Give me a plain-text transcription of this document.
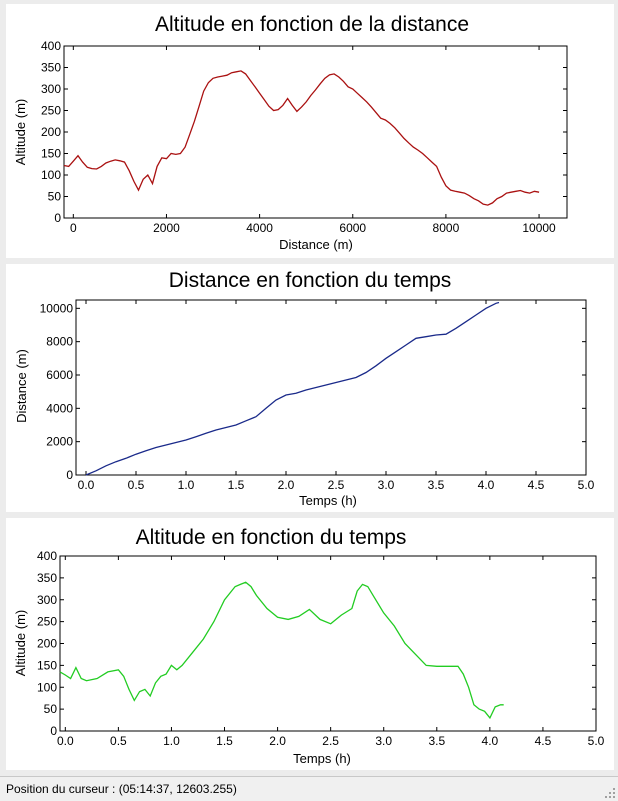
Altitude en fonction de la distance
0	2000	4000	6000	8000	10000
0
50
100
150
200
250
300
350
400
Distance (m)
Altitude (m)
Distance en fonction du temps
0.0	0.5	1.0	1.5	2.0	2.5	3.0	3.5	4.0	4.5	5.0
0
2000
4000
6000
8000
10000
Temps (h)
Distance (m)
Altitude en fonction du temps
0.0	0.5	1.0	1.5	2.0	2.5	3.0	3.5	4.0	4.5	5.0
0
50
100
150
200
250
300
350
400
Temps (h)
Altitude (m)
Position du curseur : (05:14:37, 12603.255)
